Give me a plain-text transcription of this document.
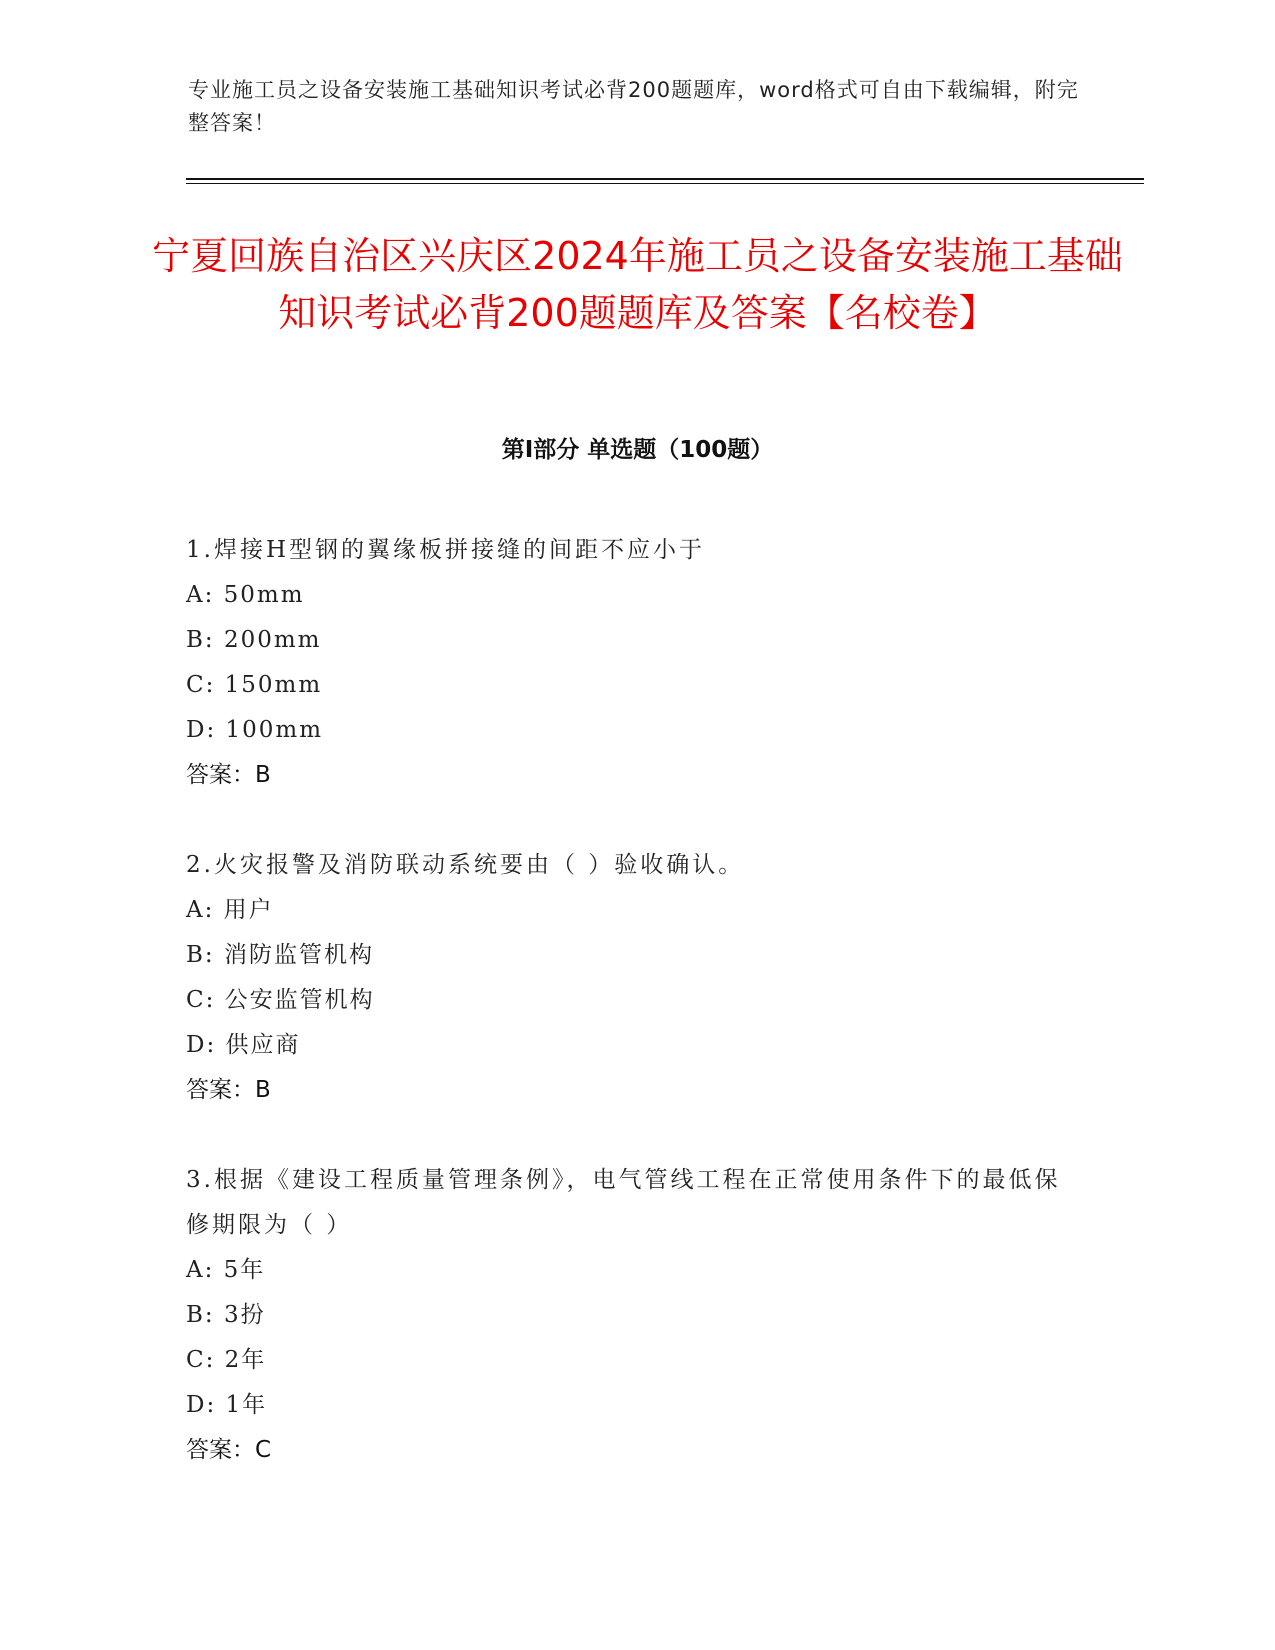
专业施工员之设备安装施工基础知识考试必背200题题库，word格式可自由下载编辑，附完整答案！
宁夏回族自治区兴庆区2024年施工员之设备安装施工基础知识考试必背200题题库及答案【名校卷】
第I部分 单选题（100题）
1.焊接H型钢的翼缘板拼接缝的间距不应小于
A: 50mm
B: 200mm
C: 150mm
D: 100mm
答案：B
2.火灾报警及消防联动系统要由（ ）验收确认。
A: 用户
B: 消防监管机构
C: 公安监管机构
D: 供应商
答案：B
3.根据《建设工程质量管理条例》，电气管线工程在正常使用条件下的最低保修期限为（ ）
A: 5年
B: 3扮
C: 2年
D: 1年
答案：C
